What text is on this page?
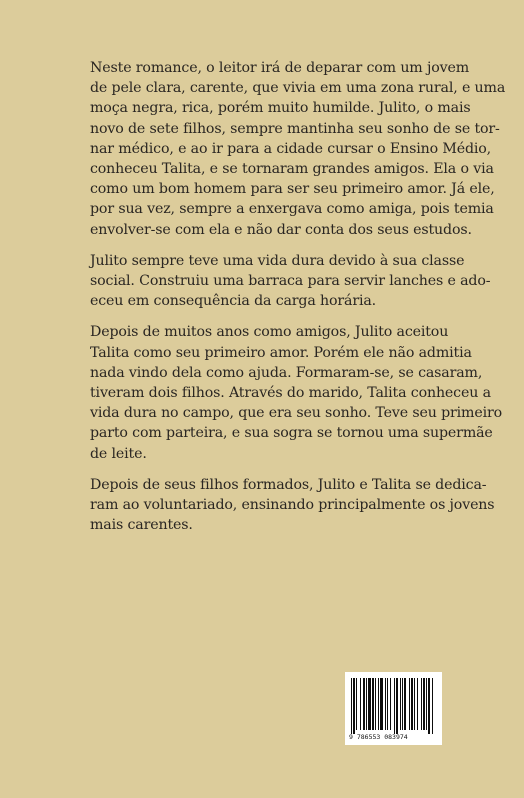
Neste romance, o leitor irá de deparar com um jovem
de pele clara, carente, que vivia em uma zona rural, e uma
moça negra, rica, porém muito humilde. Julito, o mais
novo de sete filhos, sempre mantinha seu sonho de se tor-
nar médico, e ao ir para a cidade cursar o Ensino Médio,
conheceu Talita, e se tornaram grandes amigos. Ela o via
como um bom homem para ser seu primeiro amor. Já ele,
por sua vez, sempre a enxergava como amiga, pois temia
envolver-se com ela e não dar conta dos seus estudos.

Julito sempre teve uma vida dura devido à sua classe
social. Construiu uma barraca para servir lanches e ado-
eceu em consequência da carga horária.

Depois de muitos anos como amigos, Julito aceitou
Talita como seu primeiro amor. Porém ele não admitia
nada vindo dela como ajuda. Formaram-se, se casaram,
tiveram dois filhos. Através do marido, Talita conheceu a
vida dura no campo, que era seu sonho. Teve seu primeiro
parto com parteira, e sua sogra se tornou uma supermãe
de leite.

Depois de seus filhos formados, Julito e Talita se dedica-
ram ao voluntariado, ensinando principalmente os jovens
mais carentes.

9 786553 083974
